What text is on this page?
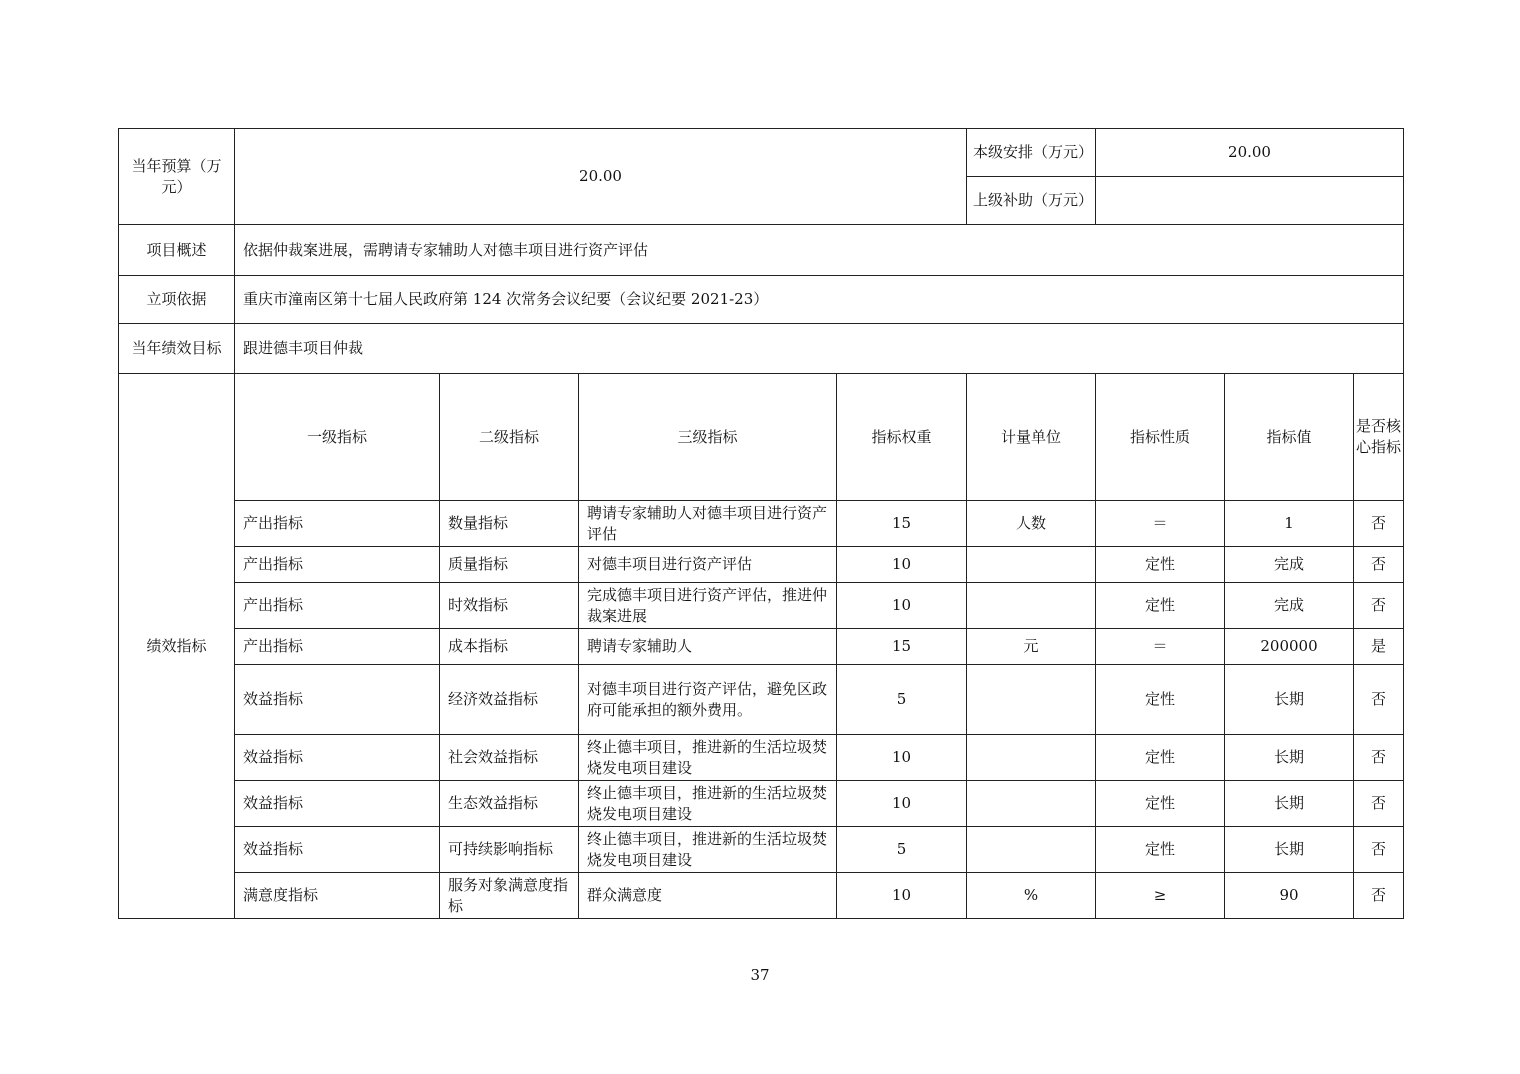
当年预算（万元）	20.00				本级安排（万元）	20.00		
					上级补助（万元）			
项目概述	依据仲裁案进展，需聘请专家辅助人对德丰项目进行资产评估							
立项依据	重庆市潼南区第十七届人民政府第 124 次常务会议纪要（会议纪要 2021-23）							
当年绩效目标	跟进德丰项目仲裁							
绩效指标	一级指标	二级指标	三级指标	指标权重	计量单位	指标性质	指标值	是否核心指标
	产出指标	数量指标	聘请专家辅助人对德丰项目进行资产评估	15	人数	＝	1	否
	产出指标	质量指标	对德丰项目进行资产评估	10		定性	完成	否
	产出指标	时效指标	完成德丰项目进行资产评估，推进仲裁案进展	10		定性	完成	否
	产出指标	成本指标	聘请专家辅助人	15	元	＝	200000	是
	效益指标	经济效益指标	对德丰项目进行资产评估，避免区政府可能承担的额外费用。	5		定性	长期	否
	效益指标	社会效益指标	终止德丰项目，推进新的生活垃圾焚烧发电项目建设	10		定性	长期	否
	效益指标	生态效益指标	终止德丰项目，推进新的生活垃圾焚烧发电项目建设	10		定性	长期	否
	效益指标	可持续影响指标	终止德丰项目，推进新的生活垃圾焚烧发电项目建设	5		定性	长期	否
	满意度指标	服务对象满意度指标	群众满意度	10	%	≥	90	否
37
